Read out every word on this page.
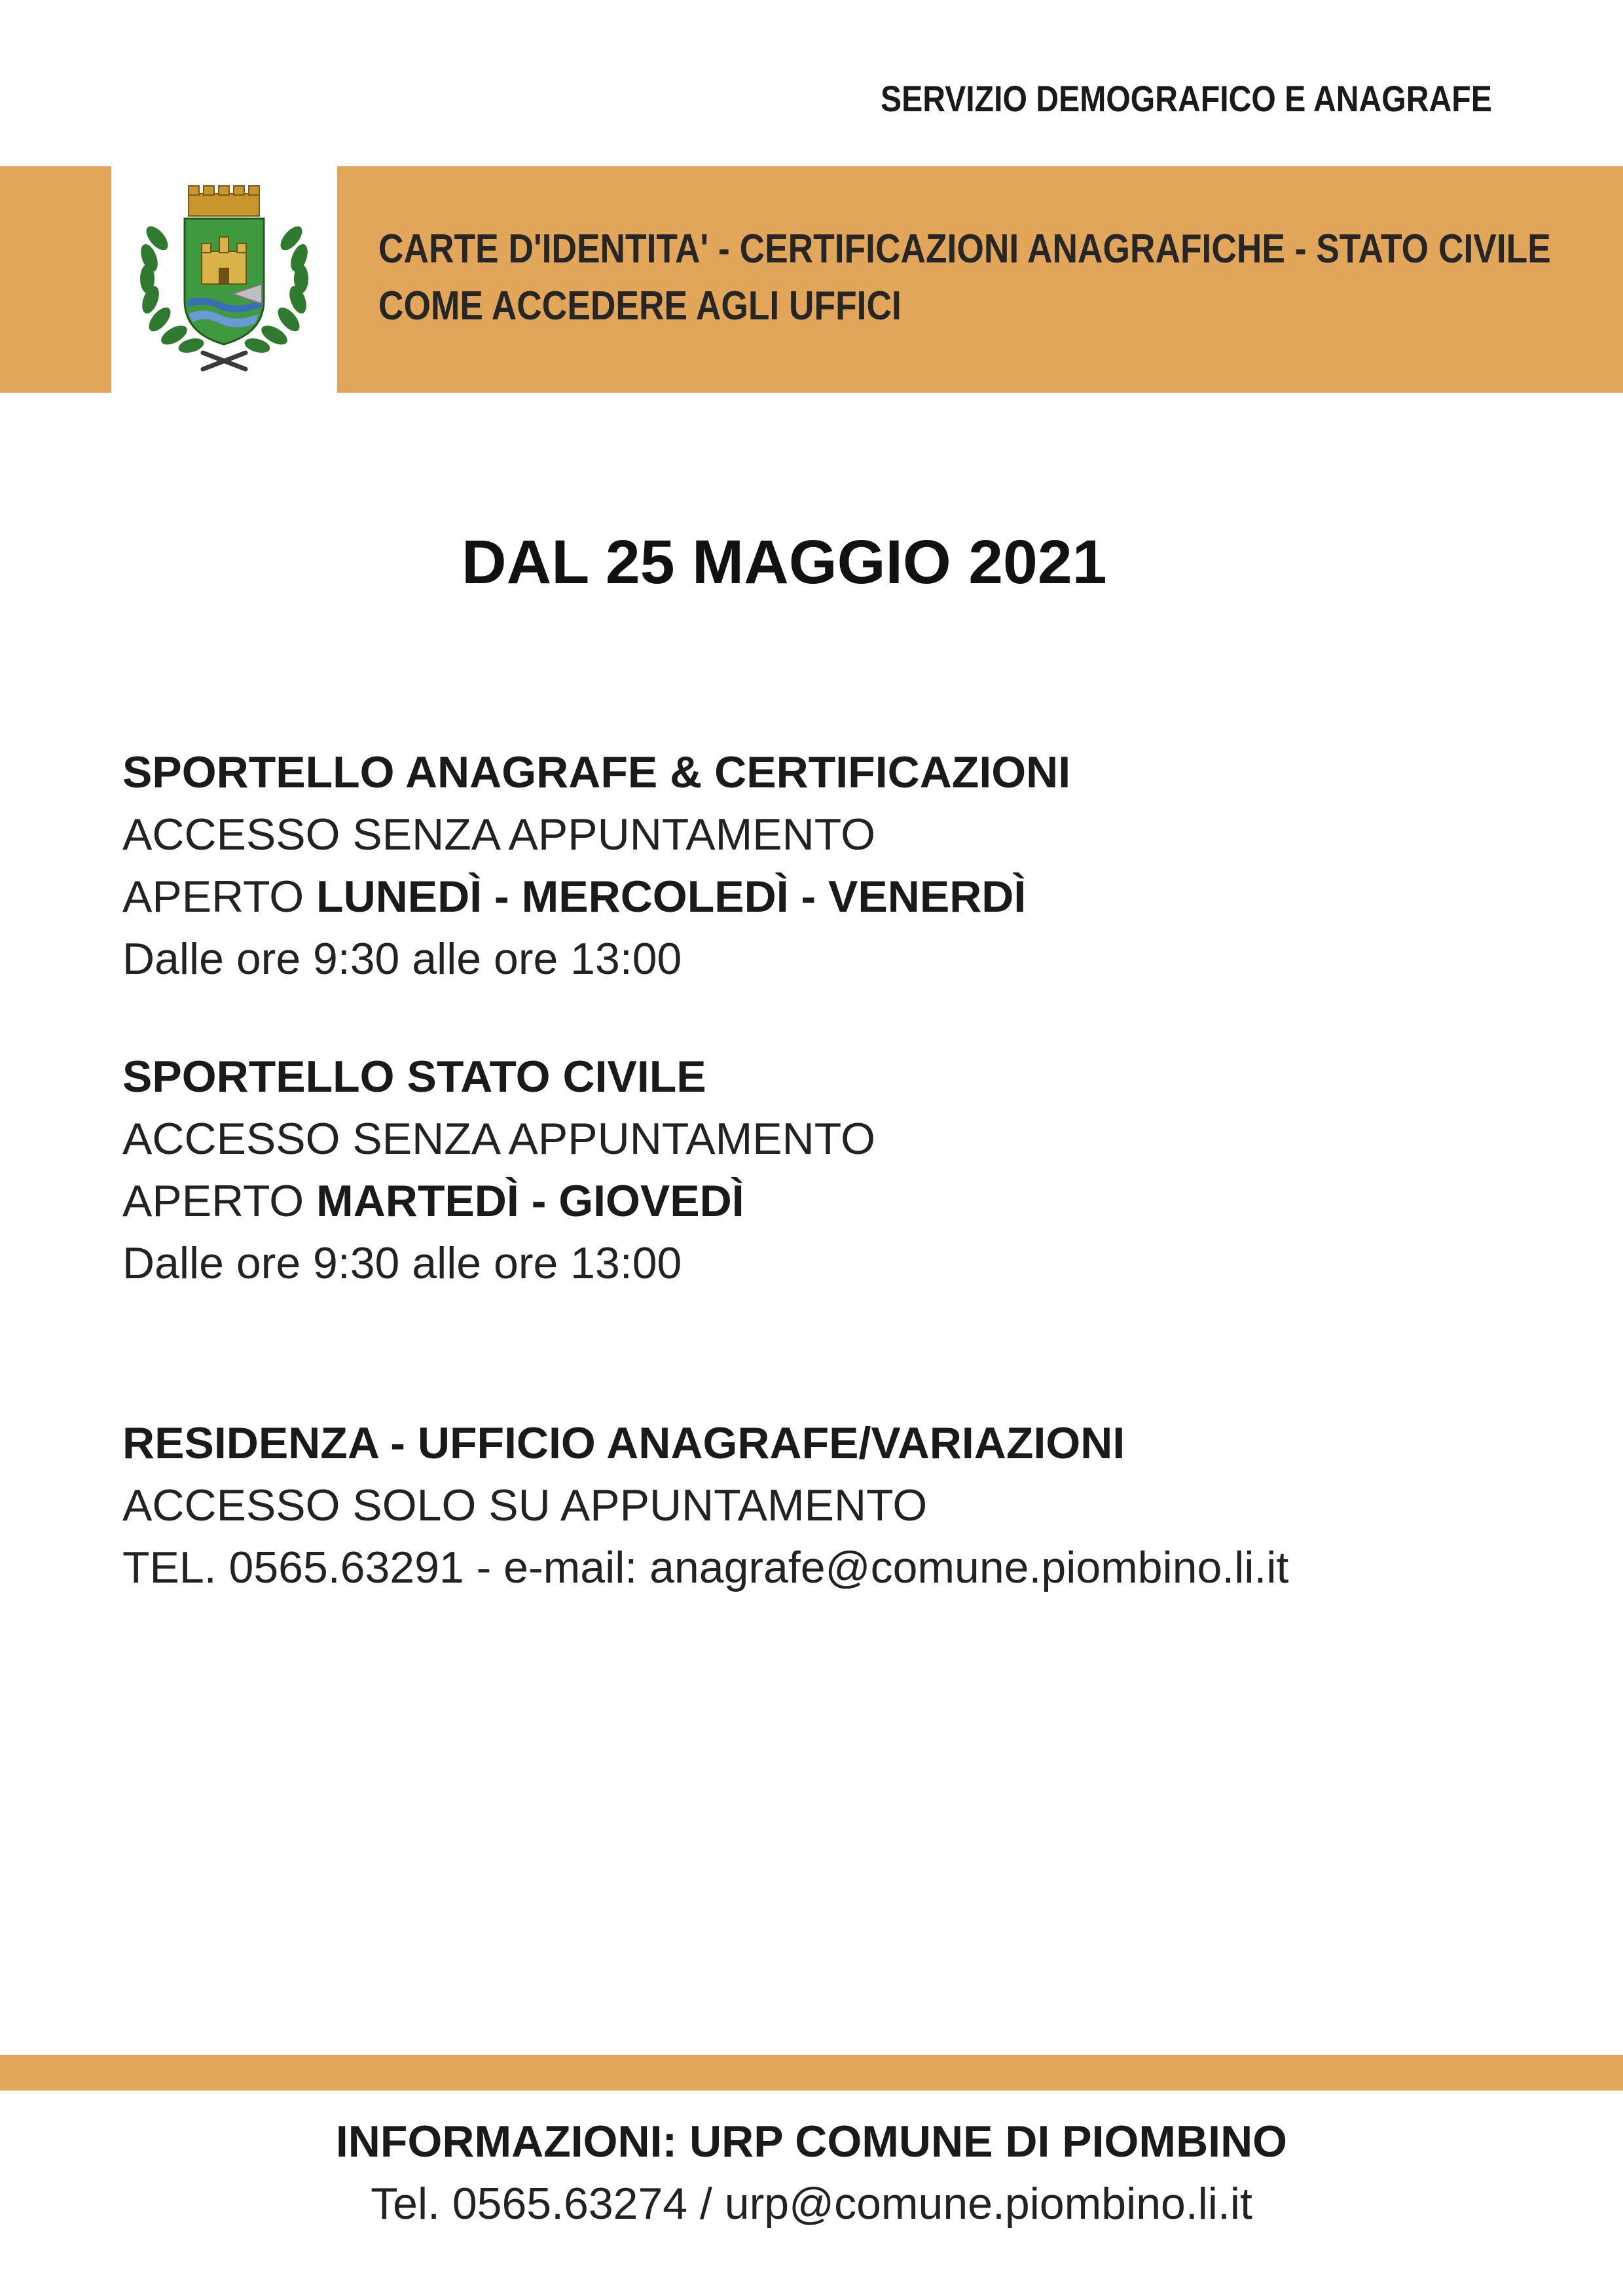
SERVIZIO DEMOGRAFICO E ANAGRAFE
CARTE D'IDENTITA' - CERTIFICAZIONI ANAGRAFICHE - STATO CIVILE
COME ACCEDERE AGLI UFFICI
DAL 25 MAGGIO 2021
SPORTELLO ANAGRAFE & CERTIFICAZIONI
ACCESSO SENZA APPUNTAMENTO
APERTO LUNEDÌ - MERCOLEDÌ - VENERDÌ
Dalle ore 9:30 alle ore 13:00
SPORTELLO STATO CIVILE
ACCESSO SENZA APPUNTAMENTO
APERTO MARTEDÌ - GIOVEDÌ
Dalle ore 9:30 alle ore 13:00
RESIDENZA - UFFICIO ANAGRAFE/VARIAZIONI
ACCESSO SOLO SU APPUNTAMENTO
TEL. 0565.63291 - e-mail: anagrafe@comune.piombino.li.it
INFORMAZIONI: URP COMUNE DI PIOMBINO
Tel. 0565.63274 / urp@comune.piombino.li.it
